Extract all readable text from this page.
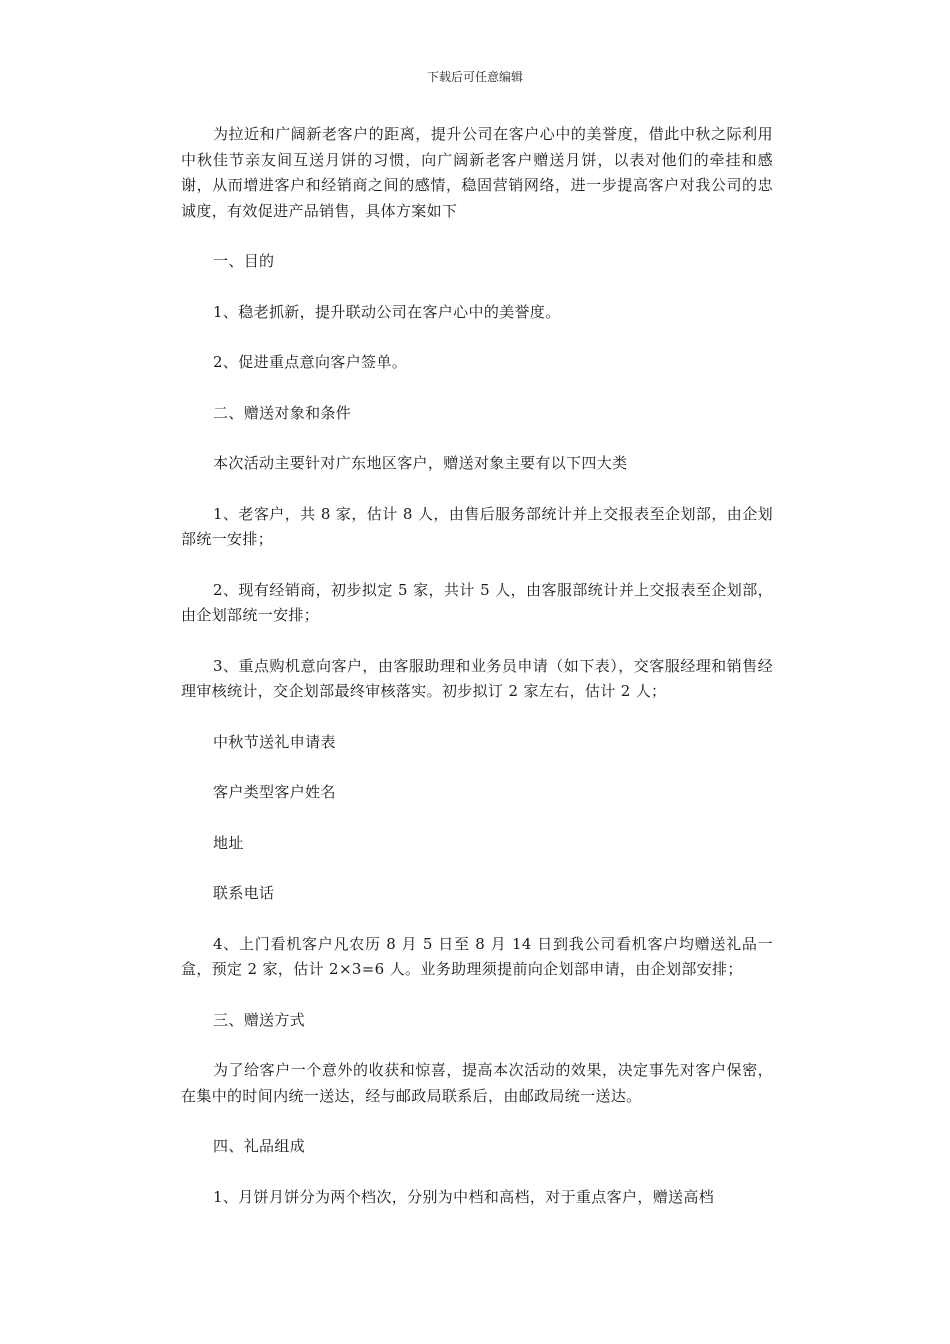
下载后可任意编辑

为拉近和广阔新老客户的距离，提升公司在客户心中的美誉度，借此中秋之际利用中秋佳节亲友间互送月饼的习惯，向广阔新老客户赠送月饼，以表对他们的牵挂和感谢，从而增进客户和经销商之间的感情，稳固营销网络，进一步提高客户对我公司的忠诚度，有效促进产品销售，具体方案如下

一、目的

1、稳老抓新，提升联动公司在客户心中的美誉度。

2、促进重点意向客户签单。

二、赠送对象和条件

本次活动主要针对广东地区客户，赠送对象主要有以下四大类

1、老客户，共 8 家，估计 8 人，由售后服务部统计并上交报表至企划部，由企划部统一安排；

2、现有经销商，初步拟定 5 家，共计 5 人，由客服部统计并上交报表至企划部，由企划部统一安排；

3、重点购机意向客户，由客服助理和业务员申请（如下表），交客服经理和销售经理审核统计，交企划部最终审核落实。初步拟订 2 家左右，估计 2 人；

中秋节送礼申请表

客户类型客户姓名

地址

联系电话

4、上门看机客户凡农历 8 月 5 日至 8 月 14 日到我公司看机客户均赠送礼品一盒，预定 2 家，估计 2×3=6 人。业务助理须提前向企划部申请，由企划部安排；

三、赠送方式

为了给客户一个意外的收获和惊喜，提高本次活动的效果，决定事先对客户保密，在集中的时间内统一送达，经与邮政局联系后，由邮政局统一送达。

四、礼品组成

1、月饼月饼分为两个档次，分别为中档和高档，对于重点客户，赠送高档
